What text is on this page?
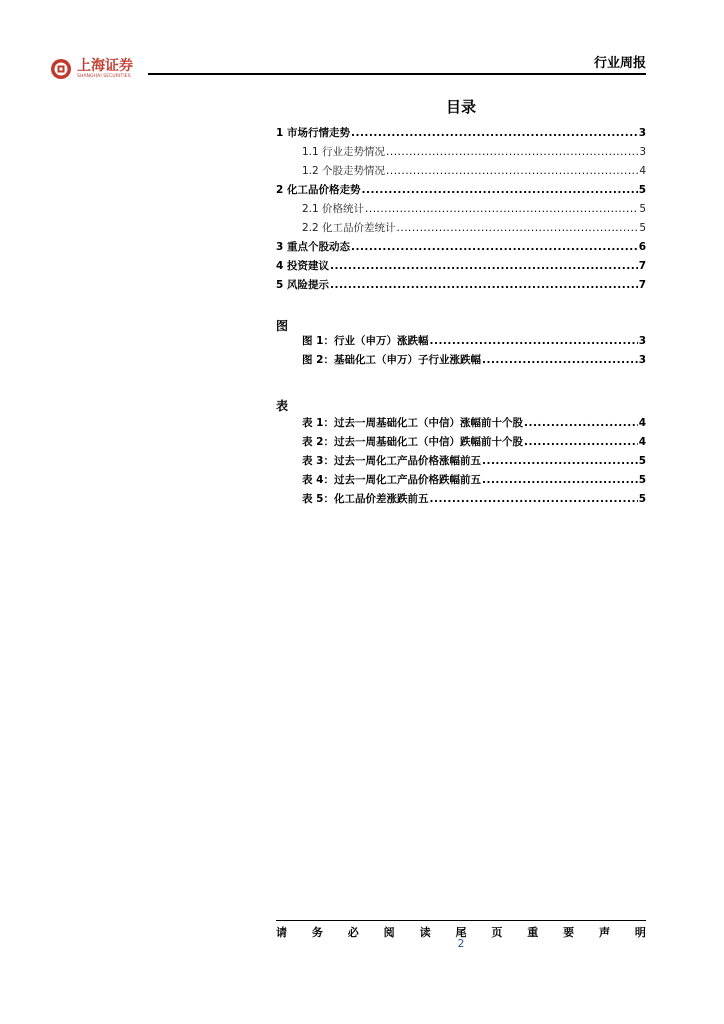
上海证券
SHANGHAI SECURITIES
行业周报
目录
1 市场行情走势 .....	3
1.1 行业走势情况 .....	3
1.2 个股走势情况 .....	4
2 化工品价格走势 .....	5
2.1 价格统计 .....	5
2.2 化工品价差统计 .....	5
3 重点个股动态 .....	6
4 投资建议 .....	7
5 风险提示 .....	7
图
图 1：行业（申万）涨跌幅 .....	3
图 2：基础化工（申万）子行业涨跌幅 .....	3
表
表 1：过去一周基础化工（中信）涨幅前十个股 .....	4
表 2：过去一周基础化工（中信）跌幅前十个股 .....	4
表 3：过去一周化工产品价格涨幅前五 .....	5
表 4：过去一周化工产品价格跌幅前五 .....	5
表 5：化工品价差涨跌前五 .....	5
请 务 必 阅 读 尾 页 重 要 声 明
2
